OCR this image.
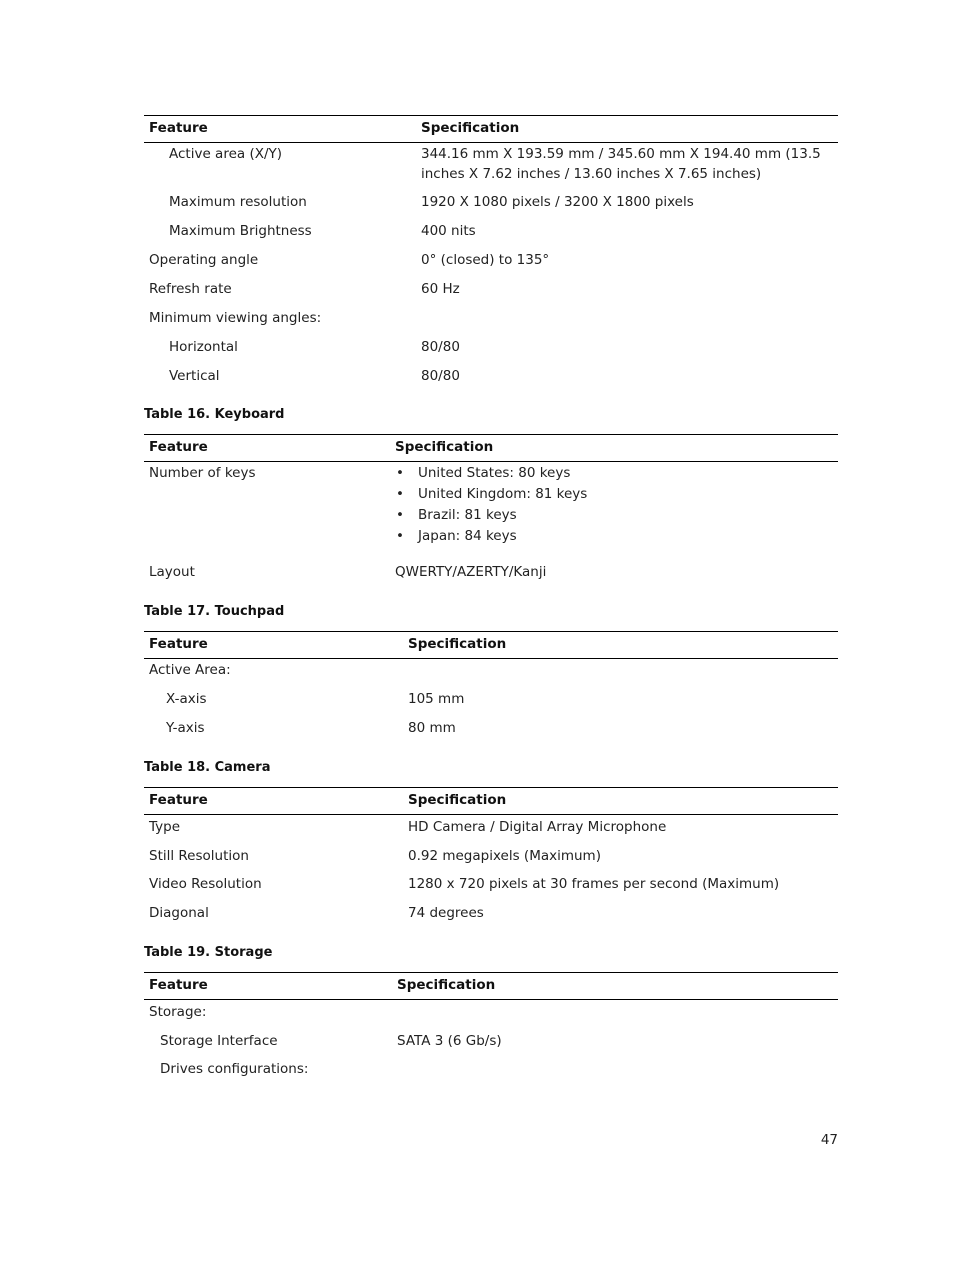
Feature	Specification
Active area (X/Y)	344.16 mm X 193.59 mm / 345.60 mm X 194.40 mm (13.5
inches X 7.62 inches / 13.60 inches X 7.65 inches)
Maximum resolution	1920 X 1080 pixels / 3200 X 1800 pixels
Maximum Brightness	400 nits
Operating angle	0° (closed) to 135°
Refresh rate	60 Hz
Minimum viewing angles:
Horizontal	80/80
Vertical	80/80
Table 16. Keyboard
Feature	Specification
Number of keys
•	United States: 80 keys
• United Kingdom: 81 keys
• Brazil: 81 keys
• Japan: 84 keys
Layout	QWERTY/AZERTY/Kanji
Table 17. Touchpad
Feature	Specification
Active Area:
X-axis	105 mm
Y-axis	80 mm
Table 18. Camera
Feature	Specification
Type	HD Camera / Digital Array Microphone
Still Resolution	0.92 megapixels (Maximum)
Video Resolution	1280 x 720 pixels at 30 frames per second (Maximum)
Diagonal	74 degrees
Table 19. Storage
Feature	Specification
Storage:
Storage Interface	SATA 3 (6 Gb/s)
Drives configurations:
47
